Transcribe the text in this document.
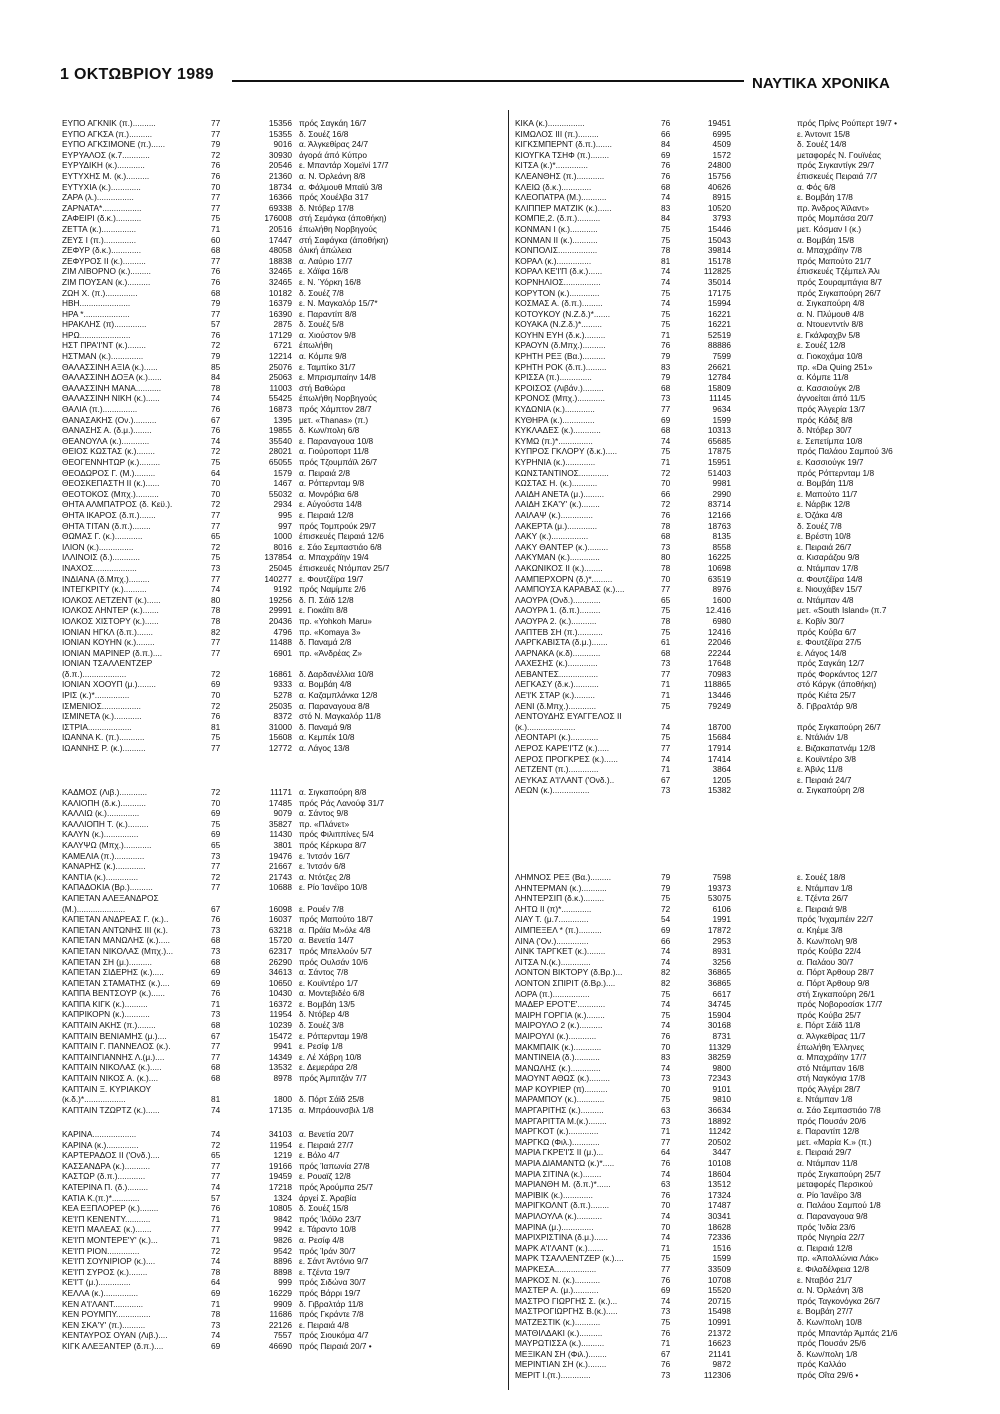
1 ΟΚΤΩΒΡΙΟΥ 1989
ΝΑΥΤΙΚΑ ΧΡΟΝΙΚΑ
ΕΥΠΟ ΑΓΚΝΙΚ (π.)..........	77	15356 πρός Σαγκάη 16/7
ΕΥΠΟ ΑΓΚΣΑ (π.)..........	77	15355 δ. Σουέζ 16/8
ΕΥΠΟ ΑΓΚΣΙΜΟΝΕ (π.)......	79	9016 α. Άλγκεθίρας 24/7
ΕΥΡΥΑΛΟΣ (κ.7............	72	30930 άγορά άπό Κύπρο
ΕΥΡΥΔΙΚΗ (κ.)............	76	20546 ε. Μπαντάρ Χομεϊνί 17/7
ΕΥΤΥΧΗΣ Μ. (κ.)..........	76	21360 α. Ν. Όρλεάνη 8/8
ΕΥΤΥΧΙΑ (κ.).............	70	18734 α. Φάλμουθ Μπαϊύ 3/8
ΖΑΡΑ (λ.)................	77	16366 πρός Χουέλβα 317
ΖΑΡΝΑΤΑ*.................	77	69338 δ. Ντόβερ 17/8
ΖΑΦΕΙΡΙ (δ.κ.)...........	75	176008 στή Σεμάγκα (άποθήκη)
ΖΕΤΤΑ (κ.)...............	71	20516 έπωλήθη Νορβηγούς
ΖΕΥΣ Ι (π.)..............	60	17447 στή Σαφάγκα (άποθήκη)
ΖΕΦΥΡ (δ.κ.).............	68	48058 όλική άπώλεια
ΖΕΦΥΡΟΣ ΙΙ (κ.)..........	77	18838 α. Λαύριο 17/7
ΖΙΜ ΛΙΒΟΡΝΟ (κ.).........	76	32465 ε. Χάϊφα 16/8
ΖΙΜ ΠΟΥΣΑΝ (κ.)..........	76	32465 ε. Ν. Ύόρκη 16/8
ΖΩΗ Χ. (π.)..............	68	10182 δ. Σουέζ 7/8
ΗΒΗ......................	79	16379 ε. Ν. Μαγκαλόρ 15/7*
ΗΡΑ *....................	77	16390 ε. Παραντίπ 8/8
ΗΡΑΚΛΗΣ (π)..............	57	2875 δ. Σουέζ 5/8
ΗΡΩ......................	76	17129 α. Χιούστον 9/8
ΗΣΤ ΠΡΑ'Ι'ΝΤ (κ.)........	72	6721 έπωλήθη
ΗΣΤΜΑΝ (κ.)..............	79	12214 α. Κόμπε 9/8
ΘΑΛΑΣΣΙΝΗ ΑΞΙΑ (κ.)......	85	25076 ε. Ταμπίκο 31/7
ΘΑΛΑΣΣΙΝΗ ΔΟΞΑ (κ.)......	84	25063 ε. Μπρισμπαίην 14/8
ΘΑΛΑΣΣΙΝΗ ΜΑΝΑ...........	78	11003 στή Βαθώρα
ΘΑΛΑΣΣΙΝΗ ΝΙΚΗ (κ.)......	74	55425 έπωλήθη Νορβηγούς
ΘΑΛΙΑ (π.)...............	76	16873 πρός Χάμπτον 28/7
ΘΑΝΑΣΑΚΗΣ (Ον.)..........	67	1395 μετ. «Thanas» (π.)
ΘΑΝΑΣΗΣ Α. (δ.μ.)........	76	19855 δ. Κων/πολη 6/8
ΘΕΑΝΟΥΛΑ (κ.)............	74	35540 ε. Παραναγουα 10/8
ΘΕΙΟΣ ΚΩΣΤΑΣ (κ.)........	72	28021 α. Γιούροπορτ 11/8
ΘΕΟΓΕΝΝΗΤΩΡ (κ.).........	75	65055 πρός Τζουμπάϊλ 26/7
ΘΕΟΔΩΡΟΣ Γ. (Μ.).........	64	1579 α. Πειραιά 2/8
ΘΕΟΣΚΕΠΑΣΤΗ ΙΙ (κ.)......	70	1467 α. Ρόττερνταμ 9/8
ΘΕΟΤΟΚΟΣ (Μπχ.)..........	70	55032 α. Μονρόβια 6/8
ΘΗΤΑ ΑΛΜΠΑΤΡΟΣ (δ. Κεϋ.).	72	2934 ε. Αύγούστα 14/8
ΘΗΤΑ ΙΚΑΡΟΣ (δ.π.).......	77	995 ε. Πειραιά 12/8
ΘΗΤΑ ΤΙΤΑΝ (δ.π.)........	77	997 πρός Τομπρούκ 29/7
ΘΩΜΑΣ Γ. (κ.)............	65	1000 έπισκευές Πειραιά 12/6
ΙΛΙΟΝ (κ.)...............	72	8016 ε. Σάο Σεμπαστιάο 6/8
ΙΛΛΙΝΟΙΣ (δ.)............	75	137854 α. Μπαχράϊην 19/4
ΙΝΑΧΟΣ...................	73	25045 έπισκευές Ντόμπαν 25/7
ΙΝΔΙΑΝΑ (δ.Μπχ.).........	77	140277 ε. Φουτζέϊρα 19/7
ΙΝΤΕΓΚΡΙΤΥ (κ.)..........	74	9192 πρός Ναμίμπε 2/6
ΙΟΛΚΟΣ ΛΕΤΖΕΝΤ (κ.)......	80	19256 δ. Π. Σάϊδ 12/8
ΙΟΛΚΟΣ ΛΗΝΤΕΡ (κ.).......	78	29991 ε. Γιοκάϊτι 8/8
ΙΟΛΚΟΣ ΧΙΣΤΟΡΥ (κ.)......	78	20436 πρ. «Yohkoh Maru»
ΙΟΝΙΑΝ ΗΓΚΛ (δ.π.).......	82	4796 πρ. «Komaya 3»
ΙΟΝΙΑΝ ΚΟΥΗΝ (κ.)........	77	11488 δ. Παναμά 2/8
ΙΟΝΙΑΝ ΜΑΡΙΝΕΡ (δ.π.)....	77	6901 πρ. «Άνδρέας Ζ»
ΙΟΝΙΑΝ ΤΣΑΛΛΕΝΤΖΕΡ
(δ.π.)...................	72	16861 δ. Δαρδανέλλια 10/8
ΙΟΝΙΑΝ ΧΟΟΥΠ (μ.)........	69	9333 α. Βομβάη 4/8
ΙΡΙΣ (κ.)*...............	70	5278 α. Καζαμπλάνκα 12/8
ΙΣΜΕΝΙΟΣ.................	72	25035 α. Παραναγουα 8/8
ΙΣΜΙΝΕΤΑ (κ.)............	76	8372 στό Ν. Μαγκαλόρ 11/8
ΙΣΤΡΙΑ...................	81	31000 δ. Παναμά 9/8
ΙΩΑΝΝΑ Κ. (π.)...........	75	15608 α. Κεμπέκ 10/8
ΙΩΑΝΝΗΣ Ρ. (κ.)..........	77	12772 α. Λάγος 13/8
ΚΑΔΜΟΣ (Λιβ.)............	72	11171 α. Σιγκαπούρη 8/8
ΚΑΛΙΟΠΗ (δ.κ.)...........	70	17485 πρός Ράς Λανούφ 31/7
ΚΑΛΛΙΩ (κ.)..............	69	9079 α. Σάντος 9/8
ΚΑΛΛΙΟΠΗ Τ. (κ.).........	75	35827 πρ. «Πλάνετ»
ΚΑΛΥΝ (κ.)...............	69	11430 πρός Φιλιππίνες 5/4
ΚΑΛΥΨΩ (Μπχ.)............	65	3801 πρός Κέρκυρα 8/7
ΚΑΜΕΛΙΑ (π.).............	73	19476 ε. Ίντσόν 16/7
ΚΑΝΑΡΗΣ (κ.).............	77	21667 ε. Ίντσόν 6/8
ΚΑΝΤΙΑ (κ.)..............	72	21743 α. Ντότζες 2/8
ΚΑΠΑΔΟΚΙΑ (Βρ.)..........	77	10688 ε. Ρίο Ίανέϊρο 10/8
ΚΑΠΕΤΑΝ ΑΛΕΞΑΝΔΡΟΣ
(Μ.).....................	67	16098 ε. Ρουέν 7/8
ΚΑΠΕΤΑΝ ΑΝΔΡΕΑΣ Γ. (κ.)..	76	16037 πρός Μαπούτο 18/7
ΚΑΠΕΤΑΝ ΑΝΤΩΝΗΣ ΙΙΙ (κ.).	73	63218 α. Πράϊα Μ»όλε 4/8
ΚΑΠΕΤΑΝ ΜΑΝΩΛΗΣ (κ.).....	68	15720 α. Βενετία 14/7
ΚΑΠΕΤΑΝ ΝΙΚΟΛΑΣ (Μπχ.)...	73	62317 πρός Μπελλούν 5/7
ΚΑΠΕΤΑΝ ΣΗ (μ.)..........	68	26290 πρός Ουλσάν 10/6
ΚΑΠΕΤΑΝ ΣΙΔΕΡΗΣ (κ.).....	69	34613 α. Σάντος 7/8
ΚΑΠΕΤΑΝ ΣΤΑΜΑΤΗΣ (κ.)....	69	10650 ε. Κουϊντέρο 1/7
ΚΑΠΠΑ ΒΕΝΤΣΟΥΡ (κ.)......	76	10430 α. Μοντεβιδέο 6/8
ΚΑΠΠΑ ΚΙΓΚ (κ.)..........	71	16372 ε. Βομβάη 13/5
ΚΑΠΡΙΚΟΡΝ (κ.)...........	73	11954 δ. Ντόβερ 4/8
ΚΑΠΤΑΙΝ ΑΚΗΣ (π.)........	68	10239 δ. Σουέζ 3/8
ΚΑΠΤΑΙΝ ΒΕΝΙΑΜΗΣ (μ.)....	67	15472 ε. Ρόττερνταμ 19/8
ΚΑΠΤΑΙΝ Γ. ΠΑΝΝΕΛΟΣ (κ.).	77	9941 ε. Ρεσίφ 1/8
ΚΑΠΤΑΙΝΓΙΑΝΝΗΣ Λ.(μ.)....	77	14349 ε. Λέ Χάβρη 10/8
ΚΑΠΤΑΙΝ ΝΙΚΟΛΑΣ (κ.).....	68	13532 ε. Δεμεράρα 2/8
ΚΑΠΤΑΙΝ ΝΙΚΟΣ Α. (κ.)....	68	8978 πρός Άμπιτζάν 7/7
ΚΑΠΤΑΙΝ Ξ. ΚΥΡΙΑΚΟΥ
(κ.δ.)*..................	81	1800 δ. Πόρτ Σάϊδ 25/8
ΚΑΠΤΑΙΝ ΤΖΩΡΤΖ (κ.)......	74	17135 α. Μπράουνσβιλ 1/8
ΚΑΡΙΝΑ...................	74	34103 α. Βενετία 20/7
ΚΑΡΙΝΑ (κ.)..............	72	11954 ε. Πειραιά 27/7
ΚΑΡΤΕΡΑΔΟΣ ΙΙ ('Ονδ.)....	65	1219 ε. Βόλο 4/7
ΚΑΣΣΑΝΔΡΑ (κ.)...........	77	19166 πρός Ίαπωνία 27/8
ΚΑΣΤΩΡ (δ.π.)............	77	19459 ε. Ρουαϊζ 12/8
ΚΑΤΕΡΙΝΑ Π. (δ.).........	74	17218 πρός Άρούμπα 25/7
ΚΑΤΙΑ Κ.(π.)*............	57	1324 άργεί Σ. Άραβία
ΚΕΑ ΕΞΠΛΟΡΕΡ (κ.)........	76	10805 δ. Σουέζ 15/8
ΚΕ'Ι'Π ΚΕΝΕΝΤΥ...........	71	9842 πρός Ίλόϊλο 23/7
ΚΕ'Ι'Π ΜΑΛΕΑΣ (κ.).......	77	9942 ε. Τάραντο 10/8
ΚΕ'Ι'Π ΜΟΝΤΕΡΕ'Υ' (κ.)...	71	9826 α. Ρεσίφ 4/8
ΚΕ'Ι'Π ΡΙΟΝ..............	72	9542 πρός Ίράν 30/7
ΚΕ'Ι'Π ΣΟΥΝΙΡΙΟΡ (κ.)....	74	8896 ε. Σάντ Άντόνιο 9/7
ΚΕ'Ι'Π ΣΥΡΟΣ (κ.)........	78	8898 ε. Τζέντα 19/7
ΚΕ'Ι'Τ (μ.)..............	64	999 πρός Σιδώνα 30/7
ΚΕΛΛΑ (κ.)...............	69	16229 πρός Βάρρι 19/7
ΚΕΝ Α'Ι'ΛΑΝΤ.............	71	9909 δ. Γιβραλτάρ 11/8
ΚΕΝ ΡΟΥΜΠΥ...............	78	11686 πρός Γκράντε 7/8
ΚΕΝ ΣΚΑ'Υ' (π.)..........	73	22126 ε. Πειραιά 4/8
ΚΕΝΤΑΥΡΟΣ ΟΥΑΝ (Λιβ.)....	74	7557 πρός Σιουκόμα 4/7
ΚΙΓΚ ΑΛΕΞΑΝΤΕΡ (δ.π.)....	69	46690 πρός Πειραιά 20/7 •
ΚΙΚΑ (κ.)................	76	19451	πρός Πρίνς Ρούπερτ 19/7 •
ΚΙΜΩΛΟΣ ΙΙΙ (π.).........	66	6995	ε. Άντονιτ 15/8
ΚΙΓΚΣΜΠΕΡΝΤ (δ.π.).......	84	4509	δ. Σουέζ 14/8
ΚΙΟΥΓΚΑ ΤΣΗΦ (π.)........	69	1572	μεταφορές Ν. Γουϊνέας
ΚΙΤΣΑ (κ.)*..............	76	24800	πρός Σιγκαντίγκ 29/7
ΚΛΕΑΝΘΗΣ (π.)............	76	15756	έπισκευές Πειραιά 7/7
ΚΛΕΙΩ (δ.κ.).............	68	40626	α. Φός 6/8
ΚΛΕΟΠΑΤΡΑ (Μ.)...........	74	8915	ε. Βομβάη 17/8
ΚΛΙΠΠΕΡ ΜΑΤΖΙΚ (κ.)......	83	10520	πρ. Άνδρος Άϊλαντ»
ΚΟΜΠΕ,2. (δ.π.)..........	84	3793	πρός Μομπάσα 20/7
ΚΟΝΜΑΝ Ι (κ.)............	75	15446	μετ. Κόσμαν Ι (κ.)
ΚΟΝΜΑΝ ΙΙ (κ.)...........	75	15043	α. Βομβάη 15/8
ΚΟΝΠΟΛΙΣ.................	78	39814	α. Μπαχράϊην 7/8
ΚΟΡΑΛ (κ.)...............	81	15178	πρός Μαπούτο 21/7
ΚΟΡΑΛ ΚΕ'Ι'Π (δ.κ.)......	74	112825	έπισκευές Τζέμπελ Άλι
ΚΟΡΝΗΛΙΟΣ................	74	35014	πρός Σουραμπάγια 8/7
ΚΟΡΥΤΟΝ (κ.).............	75	17175	πρός Σιγκαπούρη 26/7
ΚΟΣΜΑΣ Α. (δ.π.).........	74	15994	α. Σιγκαπούρη 4/8
ΚΟΤΟΥΚΟΥ (Ν.Ζ.δ.)*.......	75	16221	α. Ν. Πλύμουθ 4/8
ΚΟΥΑΚΑ (Ν.Ζ.δ.)*.........	75	16221	α. Ντουεντντίν 8/8
ΚΟΥΗΝ ΕΥΗ (δ.κ.).........	71	52519	ε. Γκάλφαχβν 5/8
ΚΡΑΟΥΝ (δ.Μπχ.)..........	76	88886	ε. Σουέζ 12/8
ΚΡΗΤΗ ΡΕΞ (Βα.)..........	79	7599	α. Γιοκοχάμα 10/8
ΚΡΗΤΗ ΡΟΚ (δ.π.).........	83	26621	πρ. «Da Quing 251»
ΚΡΙΣΣΑ (π.)..............	79	12784	α. Κόμπε 11/8
ΚΡΟΙΣΟΣ (Λιβάν.).........	68	15809	α. Κασσιούγκ 2/8
ΚΡΟΝΟΣ (Μπχ.)............	73	11145	άγνοείται άπό 11/5
ΚΥΔΩΝΙΑ (κ.).............	77	9634	πρός Άλγερία 13/7
ΚΥΘΗΡΑ (κ.)..............	69	1599	πρός Κάδιξ 8/8
ΚΥΚΛΑΔΕΣ (κ.)............	68	10313	δ. Ντόβερ 30/7
ΚΥΜΩ (π.)*...............	74	65685	ε. Σεπετίμπα 10/8
ΚΥΠΡΟΣ ΓΚΛΟΡΥ (δ.κ.).....	75	17875	πρός Παλάου Σαμπού 3/6
ΚΥΡΗΝΙΑ (κ.).............	71	15951	ε. Κασσιούγκ 19/7
ΚΩΝΣΤΑΝΤΙΝΟΣ.............	72	51403	πρός Ρόττερνταμ 1/8
ΚΩΣΤΑΣ Η. (κ.)...........	70	9981	α. Βομβάη 11/8
ΛΑΙΔΗ ΑΝΕΤΑ (μ.).........	66	2990	ε. Μαπούτο 11/7
ΛΑΙΔΗ ΣΚΑ'Υ' (κ.)........	72	83714	ε. Νάρβικ 12/8
ΛΑΙΛΑΨ (κ.)..............	76	12166	ε. Όζάκα 4/8
ΛΑΚΕΡΤΑ (μ.).............	78	18763	δ. Σουέζ 7/8
ΛΑΚΥ (κ.)................	68	8135	ε. Βρέστη 10/8
ΛΑΚΥ ΘΑΝΤΕΡ (κ.).........	73	8558	ε. Πειραιά 26/7
ΛΑΚΥΜΑΝ (κ.).............	80	16225	α. Κισαράζου 9/8
ΛΑΚΩΝΙΚΟΣ ΙΙ (κ.)........	78	10698	α. Ντάμπαν 17/8
ΛΑΜΠΕΡΧΟΡΝ (δ.)*.........	70	63519	α. Φουτζέϊρα 14/8
ΛΑΜΠΟΥΣΑ ΚΑΡΑΒΑΣ (κ.)....	77	8976	ε. Νιουχάβεν 15/7
ΛΑΟΥΡΑ (Ονδ.)............	65	1600	α. Ντάμπαν 4/8
ΛΑΟΥΡΑ 1. (δ.π.).........	75	12.416	μετ. «South Island» (π.7
ΛΑΟΥΡΑ 2. (κ.)...........	78	6980	ε. Κοβίν 30/7
ΛΑΠΤΕΒ ΣΗ (π.)...........	75	12416	πρός Κούβα 6/7
ΛΑΡΓΚΑΒΙΣΤΑ (δ.μ.).......	61	22046	ε. Φουτζέϊρα 27/5
ΛΑΡΝΑΚΑ (κ.δ)............	68	22244	ε. Λάγος 14/8
ΛΑΧΕΣΗΣ (κ.).............	73	17648	πρός Σαγκάη 12/7
ΛΕΒΑΝΤΕΣ.................	77	70983	πρός Φορκάντος 12/7
ΛΕΓΚΑΣΥ (δ.κ.)...........	71	118865	στό Κάργκ (άποθήκη)
ΛΕ'Ι'Κ ΣΤΑΡ (κ.).........	71	13446	πρός Κιέτα 25/7
ΛΕΝΙ (δ.Μπχ.)............	75	79249	δ. Γιβραλτάρ 9/8
ΛΕΝΤΟΥΔΗΣ ΕΥΑΓΓΕΛΟΣ ΙΙ
(κ.).....................	74	18700	πρός Σιγκαπούρη 26/7
ΛΕΟΝΤΑΡΙ (κ.)............	75	15684	ε. Ντάλιάν 1/8
ΛΕΡΟΣ ΚΑΡΕ'Ι'ΤΖ (κ.).....	77	17914	ε. Βιζακαπατνάμ 12/8
ΛΕΡΟΣ ΠΡΟΓΚΡΕΣ (κ.)......	74	17414	ε. Κουϊντέρο 3/8
ΛΕΤΖΕΝΤ (π.).............	71	3864	ε. Άβιλς 11/8
ΛΕΥΚΑΣ Α'Ι'ΛΑΝΤ ('Ονδ.)..	67	1205	ε. Πειραιά 24/7
ΛΕΩΝ (κ.)................	73	15382	α. Σιγκαπούρη 2/8
ΛΗΜΝΟΣ ΡΕΞ (Βα.).........	79	7598	ε. Σουέζ 18/8
ΛΗΝΤΕΡΜΑΝ (κ.)...........	79	19373	ε. Ντάμπαν 1/8
ΛΗΝΤΕΡΣΙΠ (δ.κ.).........	75	53075	ε. Τζέντα 26/7
ΛΗΤΩ ΙΙ (π)*.............	72	6106	ε. Πειραιά 9/8
ΛΙΑΥ Τ. (μ.7.............	54	1991	πρός Ίνχαμπέιν 22/7
ΛΙΜΠΕΞΕΛ * (π.)..........	69	17872	α. Κηέμε 3/8
ΛΙΝΑ ('Ον.)..............	66	2953	δ. Κων/πολη 9/8
ΛΙΝΚ ΤΑΡΓΚΕΤ (κ.)........	74	8931	πρός Κούβα 22/4
ΛΙΤΣΑ Ν.(κ.).............	74	3256	α. Παλάου 30/7
ΛΟΝΤΟΝ ΒΙΚΤΟΡΥ (δ.Βρ.)...	82	36865	α. Πόρτ Άρθουρ 28/7
ΛΟΝΤΟΝ ΣΠΙΡΙΤ (δ.Βρ.)....	82	36865	α. Πόρτ Άρθουρ 9/8
ΛΟΡΑ (π.)................	75	6617	στή Σιγκαπούρη 26/1
ΜΑΔΕΡ ΕΡΟΤ'Ε'............	74	34745	πρός Νοβοροσίσκ 17/7
ΜΑΙΡΗ ΓΟΡΓΙΑ (κ.)........	75	15904	πρός Κούβα 25/7
ΜΑΙΡΟΥΛΟ 2 (κ.)..........	74	30168	ε. Πόρτ Σάϊδ 11/8
ΜΑΙΡΟΥΛΙ (κ.)............	76	8731	α. Άλγκεθίρας 11/7
ΜΑΚΜΠΑΙΚ (κ.)............	70	11329	έπωλήθη Έλληνες
ΜΑΝΤΙΝΕΙΑ (δ.)...........	83	38259	α. Μπαχράϊην 17/7
ΜΑΝΩΛΗΣ (κ.).............	74	9800	στό Ντάμπαν 16/8
ΜΑΟΥΝΤ ΑΘΩΣ (κ.).........	73	72343	στή Ναγκόγια 17/8
ΜΑΡ ΚΟΥΡΙΕΡ (π)..........	70	9101	πρός Άλγέρι 28/7
ΜΑΡΑΜΠΟΥ (κ.)............	75	9810	ε. Ντάμπαν 1/8
ΜΑΡΓΑΡΙΤΗΣ (κ.)..........	63	36634	α. Σάο Σεμπαστιάο 7/8
ΜΑΡΓΑΡΙΤΤΑ Μ.(κ.)........	73	18892	πρός Πουσάν 20/6
ΜΑΡΓΚΟΤ (κ.).............	71	11242	ε. Παραντίπ 12/8
ΜΑΡΓΚΩ (Φιλ.)............	77	20502	μετ. «Μαρία Κ.» (π.)
ΜΑΡΙΑ ΓΚΡΕ'Ι'Σ ΙΙ (μ.)...	64	3447	ε. Πειραιά 29/7
ΜΑΡΙΑ ΔΙΑΜΑΝΤΩ (κ.)*.....	76	10108	α. Ντάμπαν 11/8
ΜΑΡΙΑ ΣΙΤΙΝΑ (κ.)........	74	18604	πρός Σιγκαπούρη 25/7
ΜΑΡΙΑΝΘΗ Μ. (δ.π.)*......	63	13512	μεταφορές Περσικού
ΜΑΡΙΒΙΚ (κ.).............	76	17324	α. Ρίο Ίανέϊρο 3/8
ΜΑΡΙΓΚΟΛΝΤ (δ.π.)........	70	17487	α. Παλάου Σαμπού 1/8
ΜΑΡΙΛΟΥΛΑ (κ.)...........	74	30341	α. Παραναγουα 9/8
ΜΑΡΙΝΑ (μ.)..............	70	18628	πρός Ίνδία 23/6
ΜΑΡΙΧΡΙΣΤΙΝΑ (δ.μ.)......	74	72336	πρός Νιγηρία 22/7
ΜΑΡΚ Α'Ι'ΛΑΝΤ (κ.).......	71	1516	α. Πειραιά 12/8
ΜΑΡΚ ΤΣΑΛΛΕΝΤΖΕΡ (κ.)....	75	1599	πρ. «Άπολλώνια Λάκ»
ΜΑΡΚΕΣΑ..................	77	33509	ε. Φιλαδέλφεια 12/8
ΜΑΡΚΟΣ Ν. (κ.)...........	76	10708	ε. Νταβόσ 21/7
ΜΑΣΤΕΡ Α. (μ.)...........	69	15520	α. Ν. Όρλεάνη 3/8
ΜΑΣΤΡΟ ΓΙΩΡΓΗΣ Σ. (κ.)...	74	20715	πρός Ταγκονόγκα 26/7
ΜΑΣΤΡΟΓΙΩΡΓΗΣ Β.(κ.).....	73	15498	ε. Βομβάη 27/7
ΜΑΤΖΕΣΤΙΚ (κ.)...........	75	10991	δ. Κων/πολη 10/8
ΜΑΤΘΙΛΔΑΚΙ (κ.)..........	76	21372	πρός Μπαντάρ Άμπάς 21/6
ΜΑΥΡΩΤΙΣΣΑ (κ.)..........	71	16623	πρός Πουσάν 25/6
ΜΕΞΙΚΑΝ ΣΗ (Φιλ.)........	67	21141	δ. Κων/πολη 1/8
ΜΕΡΙΝΤΙΑΝ ΣΗ (κ.)........	76	9872	πρός Καλλάο
ΜΕΡΙΤ Ι.(π.).............	73	112306	πρός Οΐτα 29/6 •
